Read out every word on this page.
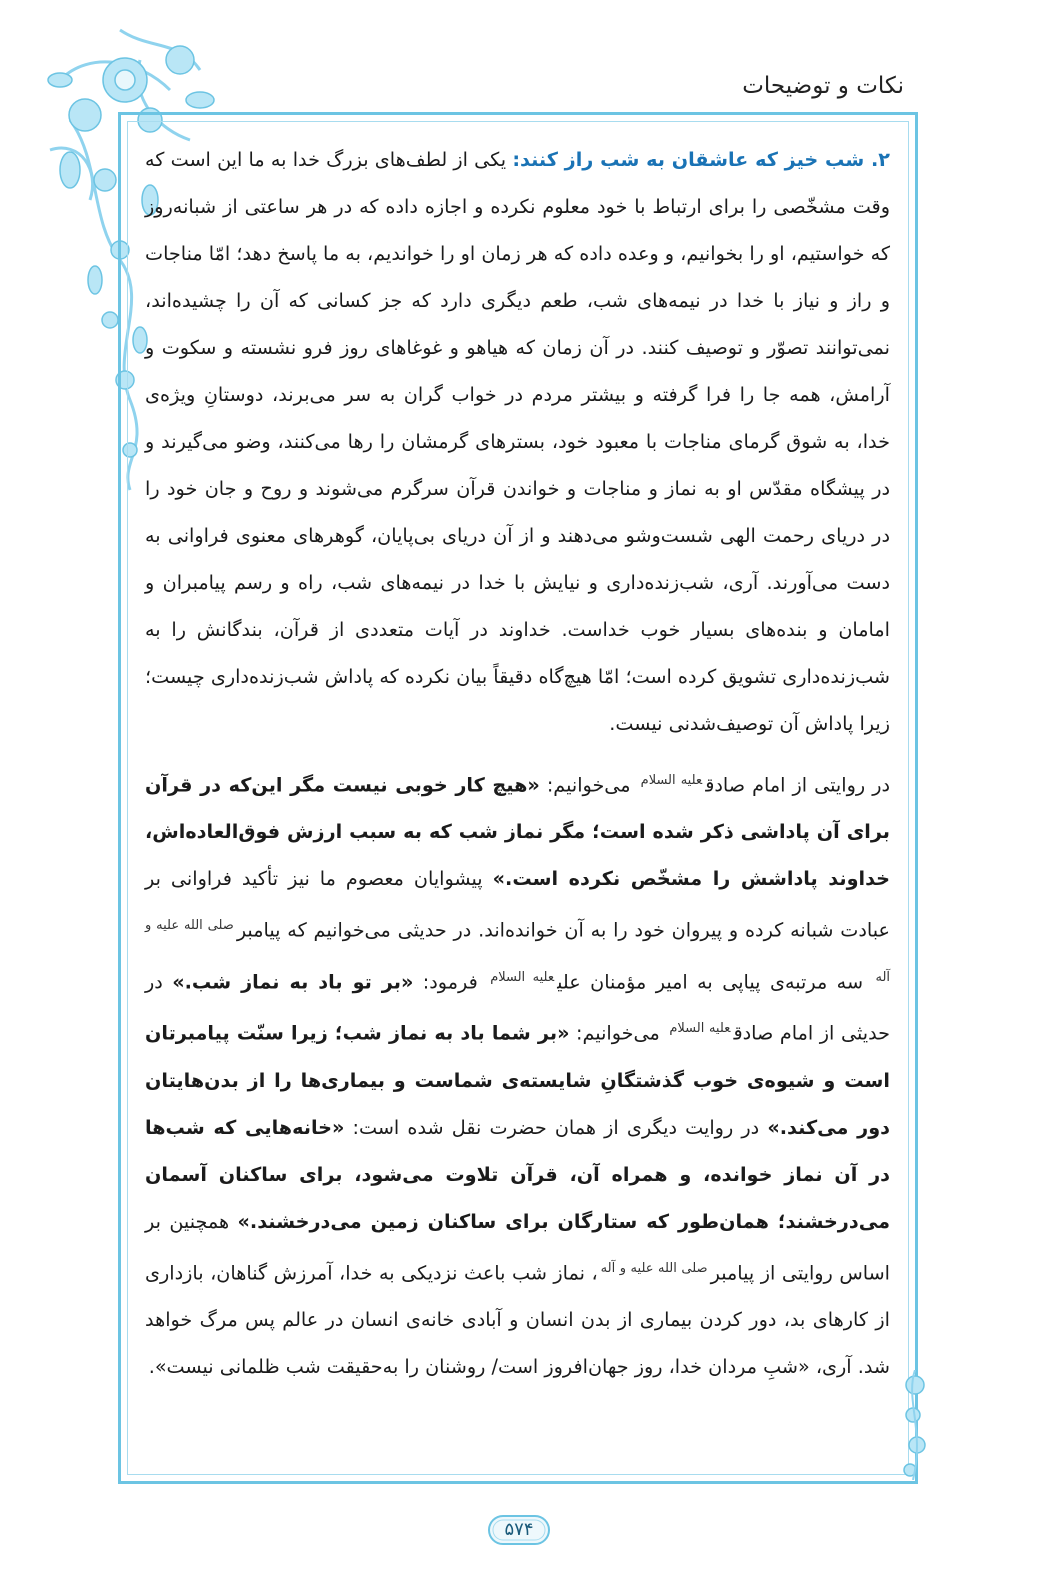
نکات و توضیحات

۲. شب خیز که عاشقان به شب راز کنند: یکی از لطف‌های بزرگ خدا به ما این است که وقت مشخّصی را برای ارتباط با خود معلوم نکرده و اجازه داده که در هر ساعتی از شبانه‌روز که خواستیم، او را بخوانیم، و وعده داده که هر زمان او را خواندیم، به ما پاسخ دهد؛ امّا مناجات و راز و نیاز با خدا در نیمه‌های شب، طعم دیگری دارد که جز کسانی که آن را چشیده‌اند، نمی‌توانند تصوّر و توصیف کنند. در آن زمان که هیاهو و غوغاهای روز فرو نشسته و سکوت و آرامش، همه جا را فرا گرفته و بیشتر مردم در خواب گران به سر می‌برند، دوستانِ ویژه‌ی خدا، به شوق گرمای مناجات با معبود خود، بسترهای گرمشان را رها می‌کنند، وضو می‌گیرند و در پیشگاه مقدّس او به نماز و مناجات و خواندن قرآن سرگرم می‌شوند و روح و جان خود را در دریای رحمت الهی شست‌وشو می‌دهند و از آن دریای بی‌پایان، گوهرهای معنوی فراوانی به دست می‌آورند. آری، شب‌زنده‌داری و نیایش با خدا در نیمه‌های شب، راه و رسم پیامبران و امامان و بنده‌های بسیار خوب خداست. خداوند در آیات متعددی از قرآن، بندگانش را به شب‌زنده‌داری تشویق کرده است؛ امّا هیچ‌گاه دقیقاً بیان نکرده که پاداش شب‌زنده‌داری چیست؛ زیرا پاداش آن توصیف‌شدنی نیست.

در روایتی از امام صادق$^{علیه السلام}$ می‌خوانیم: «هیچ کار خوبی نیست مگر این‌که در قرآن برای آن پاداشی ذکر شده است؛ مگر نماز شب که به سبب ارزش فوق‌العاده‌اش، خداوند پاداشش را مشخّص نکرده است.» پیشوایان معصوم ما نیز تأکید فراوانی بر عبادت شبانه کرده و پیروان خود را به آن خوانده‌اند. در حدیثی می‌خوانیم که پیامبر$^{صلی الله علیه و آله}$ سه مرتبه‌ی پیاپی به امیر مؤمنان علی$^{علیه السلام}$ فرمود: «بر تو باد به نماز شب.» در حدیثی از امام صادق$^{علیه السلام}$ می‌خوانیم: «بر شما باد به نماز شب؛ زیرا سنّت پیامبرتان است و شیوه‌ی خوب گذشتگانِ شایسته‌ی شماست و بیماری‌ها را از بدن‌هایتان دور می‌کند.» در روایت دیگری از همان حضرت نقل شده است: «خانه‌هایی که شب‌ها در آن نماز خوانده، و همراه آن، قرآن تلاوت می‌شود، برای ساکنان آسمان می‌درخشند؛ همان‌طور که ستارگان برای ساکنان زمین می‌درخشند.» همچنین بر اساس روایتی از پیامبر$^{صلی الله علیه و آله}$، نماز شب باعث نزدیکی به خدا، آمرزش گناهان، بازداری از کارهای بد، دور کردن بیماری از بدن انسان و آبادی خانه‌ی انسان در عالم پس مرگ خواهد شد. آری، «شبِ مردان خدا، روز جهان‌افروز است/ روشنان را به‌حقیقت شب ظلمانی نیست».

۵۷۴
